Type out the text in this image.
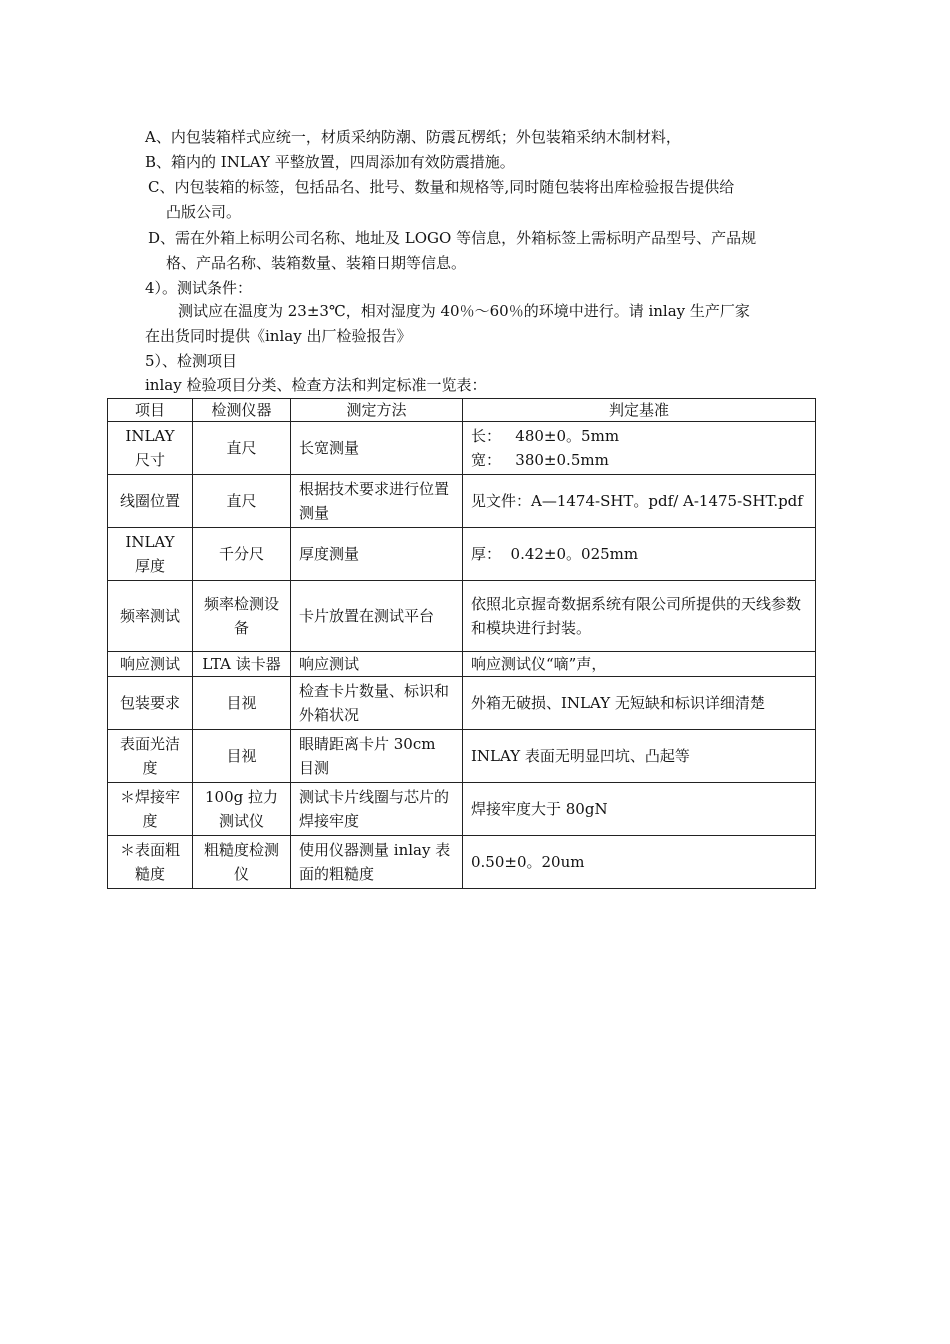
A、内包装箱样式应统一，材质采纳防潮、防震瓦楞纸；外包装箱采纳木制材料，
B、箱内的 INLAY 平整放置，四周添加有效防震措施。
C、内包装箱的标签，包括品名、批号、数量和规格等,同时随包装将出库检验报告提供给
凸版公司。
D、需在外箱上标明公司名称、地址及 LOGO 等信息，外箱标签上需标明产品型号、产品规
格、产品名称、装箱数量、装箱日期等信息。
4）。测试条件：
测试应在温度为 23±3℃，相对湿度为 40％～60％的环境中进行。请 inlay 生产厂家
在出货同时提供《inlay 出厂检验报告》
5）、检测项目
inlay 检验项目分类、检查方法和判定标准一览表：
项目	检测仪器	测定方法	判定基准
INLAY 尺寸	直尺	长宽测量	长：   480±0。5mm
宽：   380±0.5mm

线圈位置	直尺	根据技术要求进行位置测量	见文件：A—1474-SHT。pdf/ A-1475-SHT.pdf
INLAY 厚度	千分尺	厚度测量	厚：  0.42±0。025mm
频率测试	频率检测设备	卡片放置在测试平台	依照北京握奇数据系统有限公司所提供的天线参数和模块进行封装。
响应测试	LTA 读卡器	响应测试	响应测试仪“嘀”声，
包装要求	目视	检查卡片数量、标识和外箱状况	外箱无破损、INLAY 无短缺和标识详细清楚
表面光洁度	目视	眼睛距离卡片 30cm 目测	INLAY 表面无明显凹坑、凸起等
＊焊接牢度	100g 拉力测试仪	测试卡片线圈与芯片的焊接牢度	焊接牢度大于 80gN
＊表面粗糙度	粗糙度检测仪	使用仪器测量 inlay 表面的粗糙度	0.50±0。20um
